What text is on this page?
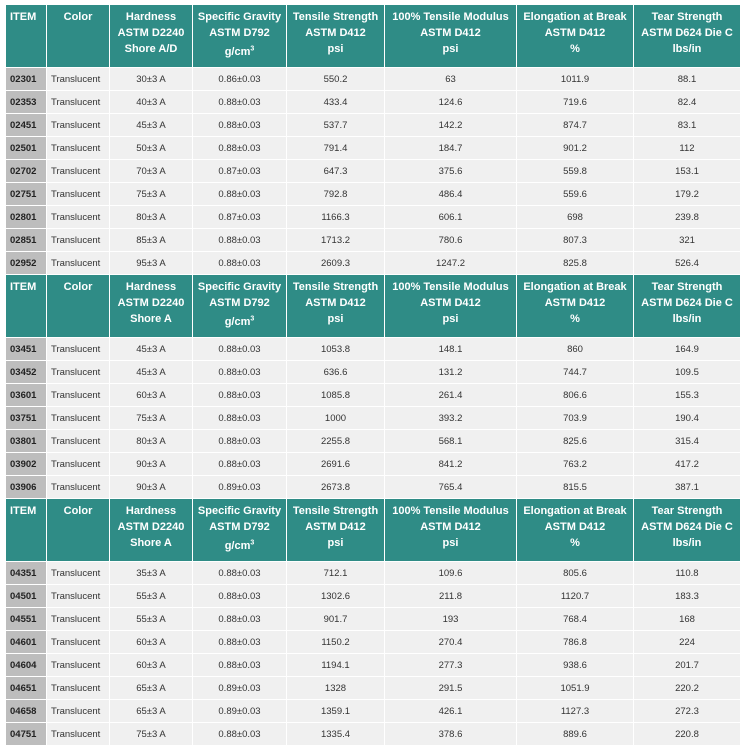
ITEM	Color	Hardness
ASTM D2240
Shore A/D	Specific Gravity
ASTM D792
$g/cm^3$	Tensile Strength
ASTM D412
psi	100% Tensile Modulus
ASTM D412
psi	Elongation at Break
ASTM D412
%	Tear Strength
ASTM D624 Die C
lbs/in
02301	Translucent	30±3 A	0.86±0.03	550.2	63	1011.9	88.1
02353	Translucent	40±3 A	0.88±0.03	433.4	124.6	719.6	82.4
02451	Translucent	45±3 A	0.88±0.03	537.7	142.2	874.7	83.1
02501	Translucent	50±3 A	0.88±0.03	791.4	184.7	901.2	112
02702	Translucent	70±3 A	0.87±0.03	647.3	375.6	559.8	153.1
02751	Translucent	75±3 A	0.88±0.03	792.8	486.4	559.6	179.2
02801	Translucent	80±3 A	0.87±0.03	1166.3	606.1	698	239.8
02851	Translucent	85±3 A	0.88±0.03	1713.2	780.6	807.3	321
02952	Translucent	95±3 A	0.88±0.03	2609.3	1247.2	825.8	526.4
ITEM	Color	Hardness
ASTM D2240
Shore A	Specific Gravity
ASTM D792
$g/cm^3$	Tensile Strength
ASTM D412
psi	100% Tensile Modulus
ASTM D412
psi	Elongation at Break
ASTM D412
%	Tear Strength
ASTM D624 Die C
lbs/in
03451	Translucent	45±3 A	0.88±0.03	1053.8	148.1	860	164.9
03452	Translucent	45±3 A	0.88±0.03	636.6	131.2	744.7	109.5
03601	Translucent	60±3 A	0.88±0.03	1085.8	261.4	806.6	155.3
03751	Translucent	75±3 A	0.88±0.03	1000	393.2	703.9	190.4
03801	Translucent	80±3 A	0.88±0.03	2255.8	568.1	825.6	315.4
03902	Translucent	90±3 A	0.88±0.03	2691.6	841.2	763.2	417.2
03906	Translucent	90±3 A	0.89±0.03	2673.8	765.4	815.5	387.1
ITEM	Color	Hardness
ASTM D2240
Shore A	Specific Gravity
ASTM D792
$g/cm^3$	Tensile Strength
ASTM D412
psi	100% Tensile Modulus
ASTM D412
psi	Elongation at Break
ASTM D412
%	Tear Strength
ASTM D624 Die C
lbs/in
04351	Translucent	35±3 A	0.88±0.03	712.1	109.6	805.6	110.8
04501	Translucent	55±3 A	0.88±0.03	1302.6	211.8	1120.7	183.3
04551	Translucent	55±3 A	0.88±0.03	901.7	193	768.4	168
04601	Translucent	60±3 A	0.88±0.03	1150.2	270.4	786.8	224
04604	Translucent	60±3 A	0.88±0.03	1194.1	277.3	938.6	201.7
04651	Translucent	65±3 A	0.89±0.03	1328	291.5	1051.9	220.2
04658	Translucent	65±3 A	0.89±0.03	1359.1	426.1	1127.3	272.3
04751	Translucent	75±3 A	0.88±0.03	1335.4	378.6	889.6	220.8
